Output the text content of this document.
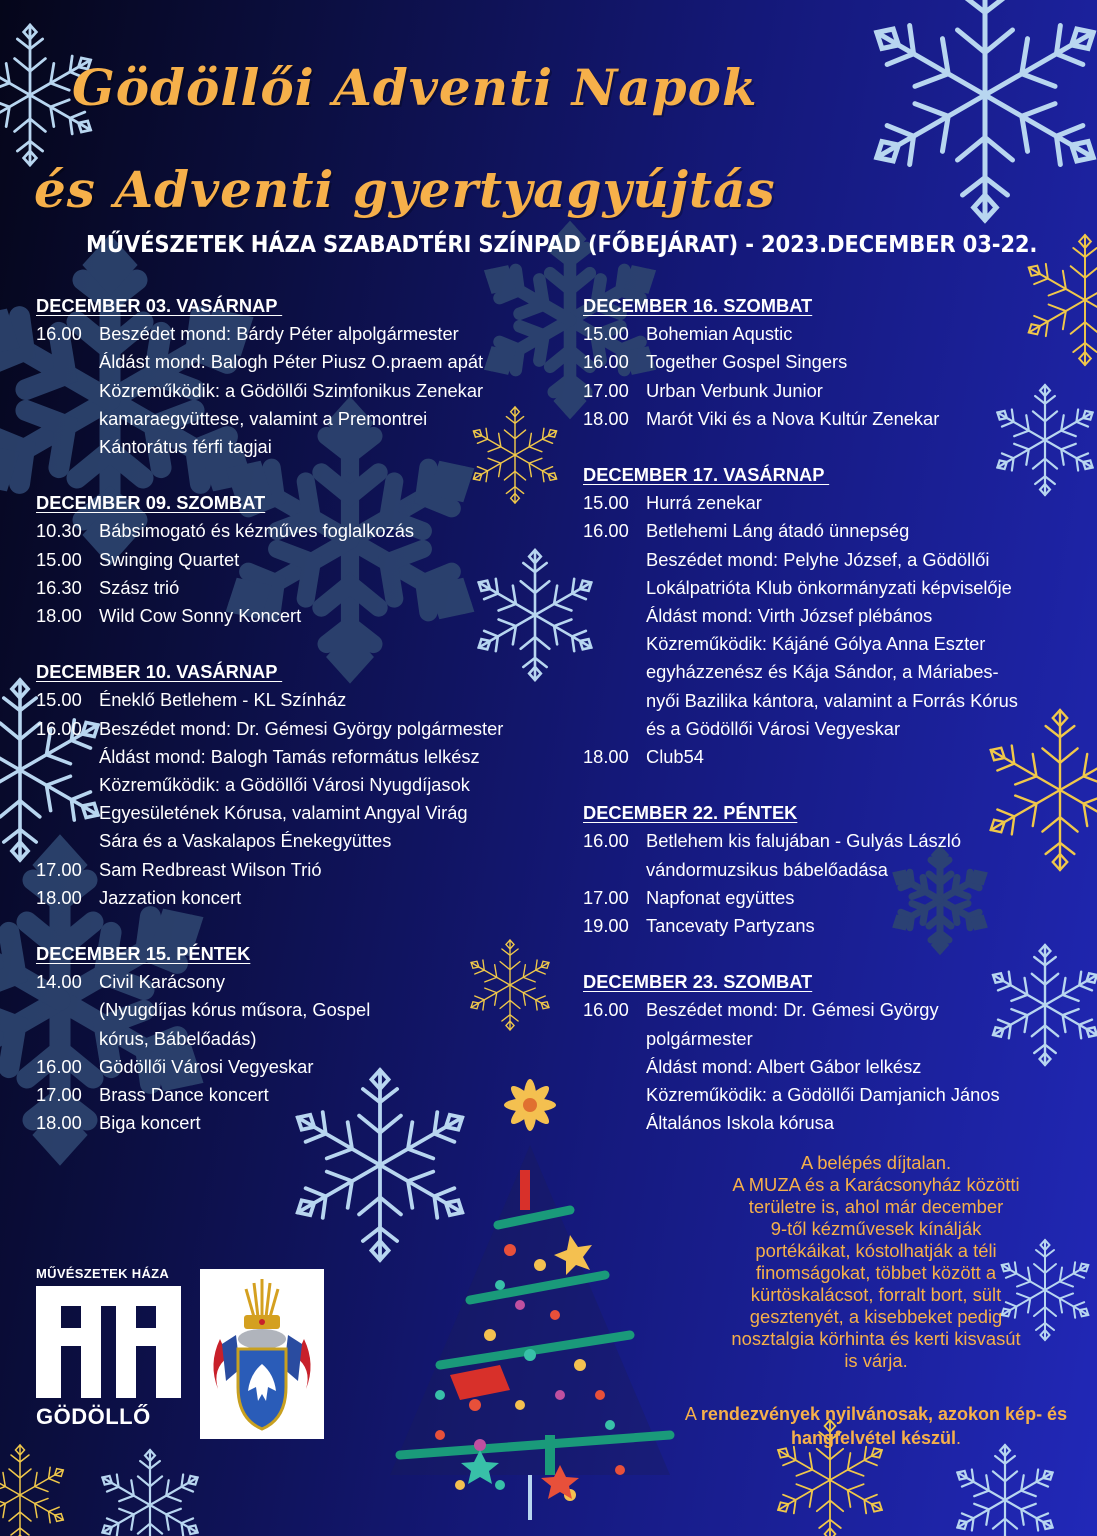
Gödöllői Adventi Napok
és Adventi gyertyagyújtás
MŰVÉSZETEK HÁZA SZABADTÉRI SZÍNPAD (FŐBEJÁRAT) - 2023.DECEMBER 03-22.
DECEMBER 03. VASÁRNAP
16.00 Beszédet mond: Bárdy Péter alpolgármester
Áldást mond: Balogh Péter Piusz O.praem apát
Közreműködik: a Gödöllői Szimfonikus Zenekar
kamaraegyüttese, valamint a Premontrei
Kántorátus férfi tagjai
DECEMBER 09. SZOMBAT
10.30 Bábsimogató és kézműves foglalkozás
15.00 Swinging Quartet
16.30 Szász trió
18.00 Wild Cow Sonny Koncert
DECEMBER 10. VASÁRNAP
15.00 Éneklő Betlehem - KL Színház
16.00 Beszédet mond: Dr. Gémesi György polgármester
Áldást mond: Balogh Tamás református lelkész
Közreműködik: a Gödöllői Városi Nyugdíjasok
Egyesületének Kórusa, valamint Angyal Virág
Sára és a Vaskalapos Énekegyüttes
17.00 Sam Redbreast Wilson Trió
18.00 Jazzation koncert
DECEMBER 15. PÉNTEK
14.00 Civil Karácsony
(Nyugdíjas kórus műsora, Gospel
kórus, Bábelőadás)
16.00 Gödöllői Városi Vegyeskar
17.00 Brass Dance koncert
18.00 Biga koncert
DECEMBER 16. SZOMBAT
15.00 Bohemian Aqustic
16.00 Together Gospel Singers
17.00 Urban Verbunk Junior
18.00 Marót Viki és a Nova Kultúr Zenekar
DECEMBER 17. VASÁRNAP
15.00 Hurrá zenekar
16.00 Betlehemi Láng átadó ünnepség
Beszédet mond: Pelyhe József, a Gödöllői
Lokálpatrióta Klub önkormányzati képviselője
Áldást mond: Virth József plébános
Közreműködik: Kájáné Gólya Anna Eszter
egyházzenész és Kája Sándor, a Máriabes-
nyői Bazilika kántora, valamint a Forrás Kórus
és a Gödöllői Városi Vegyeskar
18.00 Club54
DECEMBER 22. PÉNTEK
16.00 Betlehem kis falujában - Gulyás László
vándormuzsikus bábelőadása
17.00 Napfonat együttes
19.00 Tancevaty Partyzans
DECEMBER 23. SZOMBAT
16.00 Beszédet mond: Dr. Gémesi György
polgármester
Áldást mond: Albert Gábor lelkész
Közreműködik: a Gödöllői Damjanich János
Általános Iskola kórusa
A belépés díjtalan.
A MUZA és a Karácsonyház közötti
területre is, ahol már december
9-től kézművesek kínálják
portékáikat, kóstolhatják a téli
finomságokat, többet között a
kürtöskalácsot, forralt bort, sült
gesztenyét, a kisebbeket pedig
nosztalgia körhinta és kerti kisvasút
is várja.
A rendezvények nyilvánosak, azokon kép- és hangfelvétel készül.
MŰVÉSZETEK HÁZA
GÖDÖLLŐ
